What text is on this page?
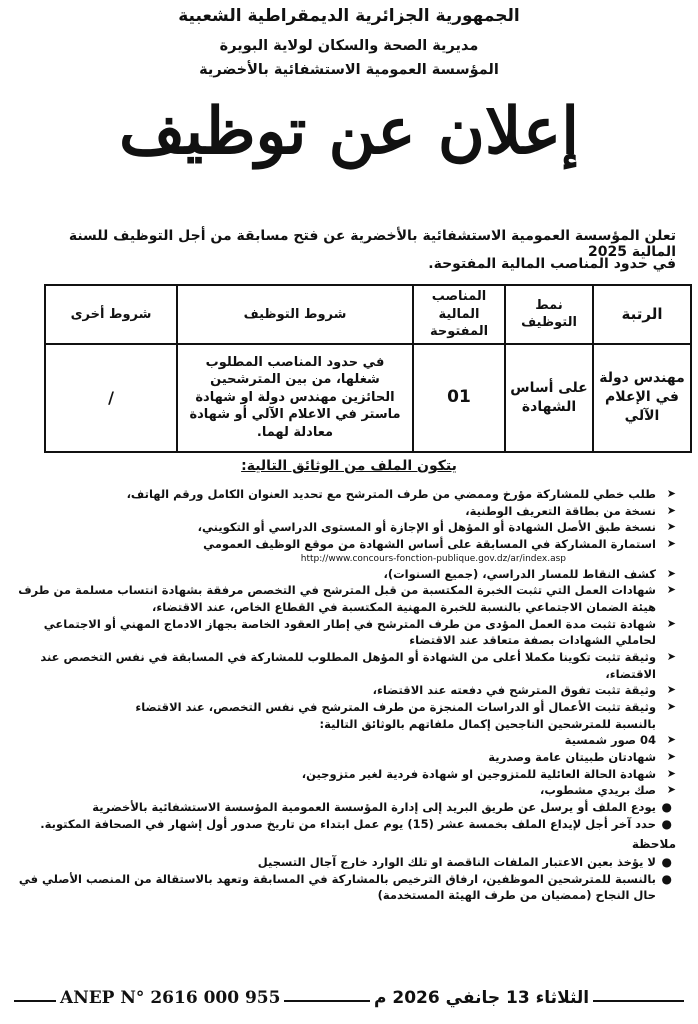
الجمهورية الجزائرية الديمقراطية الشعبية
مديرية الصحة والسكان لولاية البويرة
المؤسسة العمومية الاستشفائية بالأخضرية
إعلان عن توظيف
تعلن المؤسسة العمومية الاستشفائية بالأخضرية عن فتح مسابقة من أجل التوظيف للسنة المالية 2025
في حدود المناصب المالية المفتوحة.
الرتبة	نمط التوظيف	المناصب المالية المفتوحة	شروط التوظيف	شروط أخرى
مهندس دولة في الإعلام الآلي	على أساس الشهادة	01	في حدود المناصب المطلوب شغلها، من بين المترشحين الحائزين مهندس دولة او شهادة ماستر في الاعلام الآلي أو شهادة معادلة لهما.	/
يتكون الملف من الوثائق التالية:
➤
طلب خطي للمشاركة مؤرخ وممضي من طرف المترشح مع تحديد العنوان الكامل ورقم الهاتف،
➤
نسخة من بطاقة التعريف الوطنية،
➤
نسخة طبق الأصل الشهادة أو المؤهل أو الإجازة أو المستوى الدراسي أو التكويني،
➤
استمارة المشاركة في المسابقة على أساس الشهادة من موقع الوظيف العمومي
http://www.concours-fonction-publique.gov.dz/ar/index.asp
➤
كشف النقاط للمسار الدراسي، (جميع السنوات)،
➤
شهادات العمل التي تثبت الخبرة المكتسبة من قبل المترشح في التخصص مرفقة بشهادة انتساب مسلمة من طرف هيئة الضمان الاجتماعي بالنسبة للخبرة المهنية المكتسبة في القطاع الخاص، عند الاقتضاء،
➤
شهادة تثبت مدة العمل المؤدى من طرف المترشح في إطار العقود الخاصة بجهاز الادماج المهني أو الاجتماعي لحاملي الشهادات بصفة متعاقد عند الاقتضاء
➤
وثيقة تثبت تكوينا مكملا أعلى من الشهادة أو المؤهل المطلوب للمشاركة في المسابقة في نفس التخصص عند الاقتضاء،
➤
وثيقة تثبت تفوق المترشح في دفعته عند الاقتضاء،
➤
وثيقة تثبت الأعمال أو الدراسات المنجزة من طرف المترشح في نفس التخصص، عند الاقتضاء
بالنسبة للمترشحين الناجحين إكمال ملفاتهم بالوثائق التالية:
➤
04 صور شمسية
➤
شهادتان طبيتان عامة وصدرية
➤
شهادة الحالة العائلية للمتزوجين او شهادة فردية لغير متزوجين،
➤
صك بريدي مشطوب،
●
يودع الملف أو يرسل عن طريق البريد إلى إدارة المؤسسة العمومية المؤسسة الاستشفائية بالأخضرية
●
حدد آخر أجل لإيداع الملف بخمسة عشر (15) يوم عمل ابتداء من تاريخ صدور أول إشهار في الصحافة المكتوبة.
ملاحظة
●
لا يؤخذ بعين الاعتبار الملفات الناقصة او تلك الوارد خارج آجال التسجيل
●
بالنسبة للمترشحين الموظفين، ارفاق الترخيص بالمشاركة في المسابقة وتعهد بالاستقالة من المنصب الأصلي في حال النجاح (ممضيان من طرف الهيئة المستخدمة)
ANEP N° 2616 000 955	الثلاثاء 13 جانفي 2026 م
